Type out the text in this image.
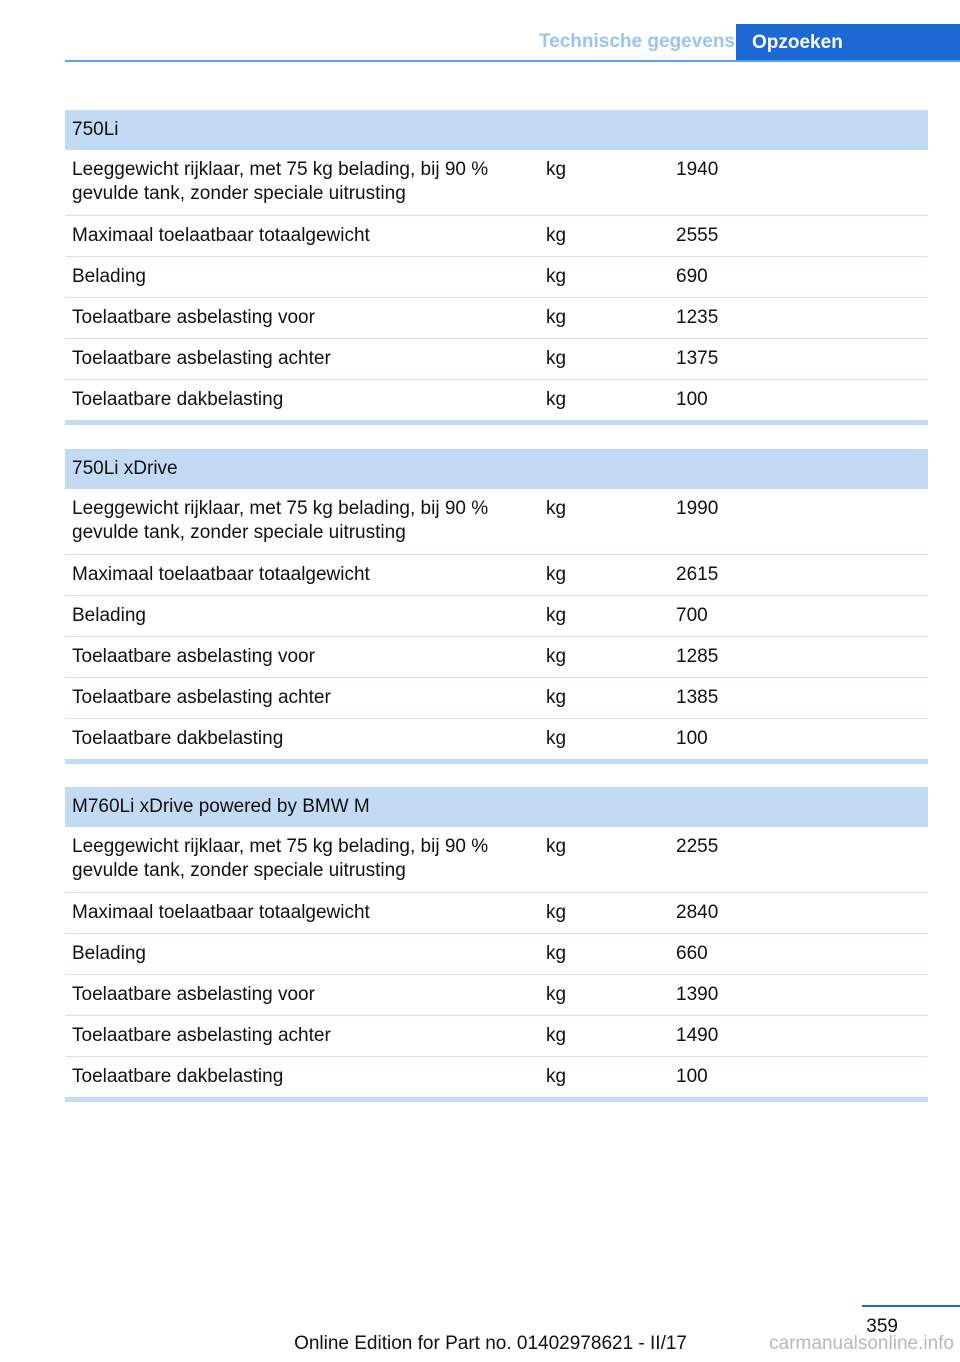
Technische gegevens Opzoeken
750Li		
Leeggewicht rijklaar, met 75 kg belading, bij 90 % gevulde tank, zonder speciale uitrusting	kg	1940
Maximaal toelaatbaar totaalgewicht	kg	2555
Belading	kg	690
Toelaatbare asbelasting voor	kg	1235
Toelaatbare asbelasting achter	kg	1375
Toelaatbare dakbelasting	kg	100
750Li xDrive		
Leeggewicht rijklaar, met 75 kg belading, bij 90 % gevulde tank, zonder speciale uitrusting	kg	1990
Maximaal toelaatbaar totaalgewicht	kg	2615
Belading	kg	700
Toelaatbare asbelasting voor	kg	1285
Toelaatbare asbelasting achter	kg	1385
Toelaatbare dakbelasting	kg	100
M760Li xDrive powered by BMW M		
Leeggewicht rijklaar, met 75 kg belading, bij 90 % gevulde tank, zonder speciale uitrusting	kg	2255
Maximaal toelaatbaar totaalgewicht	kg	2840
Belading	kg	660
Toelaatbare asbelasting voor	kg	1390
Toelaatbare asbelasting achter	kg	1490
Toelaatbare dakbelasting	kg	100
359
Online Edition for Part no. 01402978621 - II/17	carmanualsonline.info
